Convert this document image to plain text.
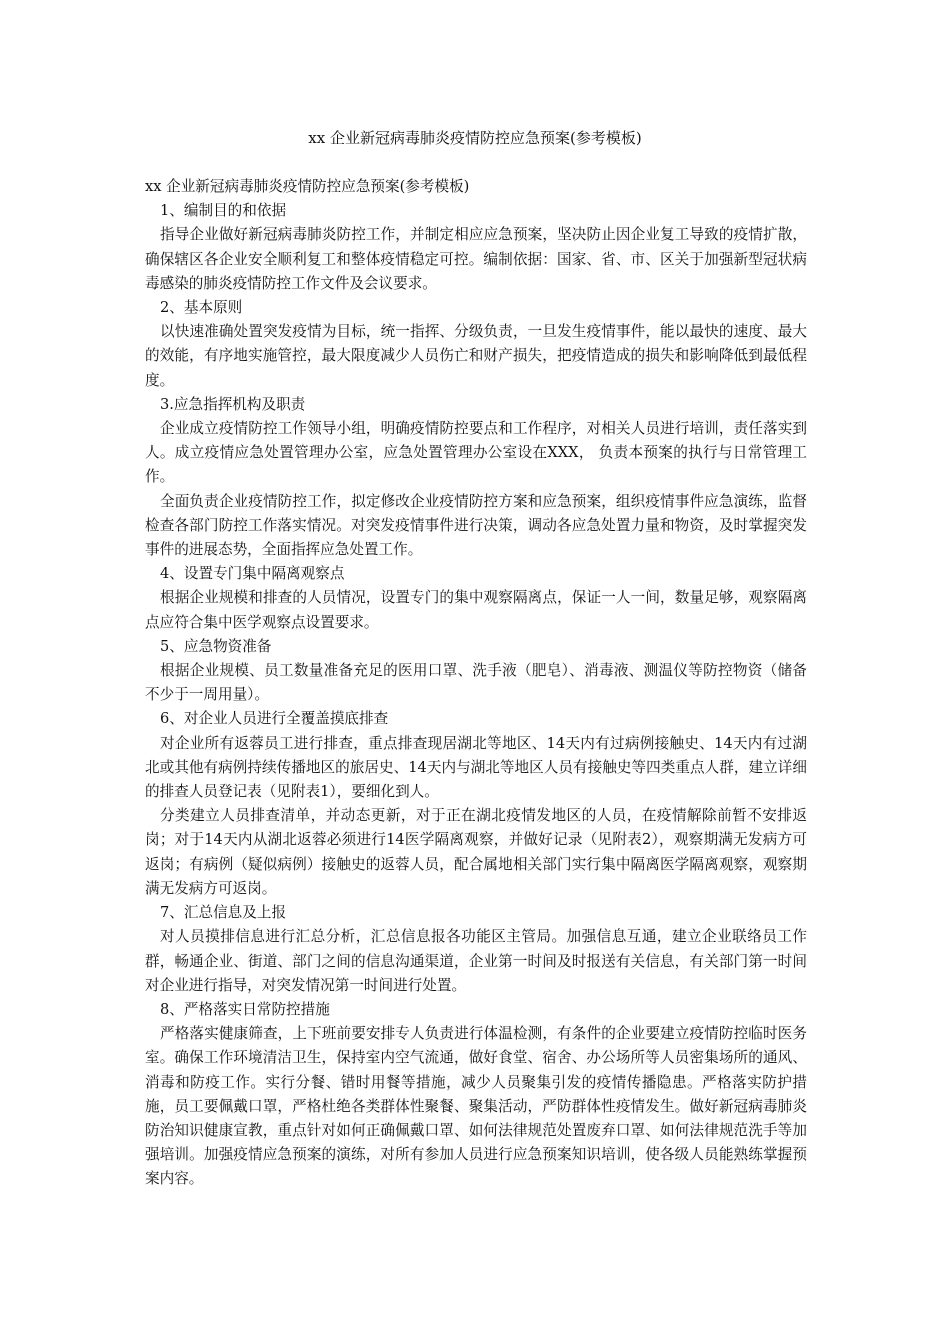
xx 企业新冠病毒肺炎疫情防控应急预案(参考模板)

xx 企业新冠病毒肺炎疫情防控应急预案(参考模板)

1、编制目的和依据

指导企业做好新冠病毒肺炎防控工作，并制定相应应急预案，坚决防止因企业复工导致的疫情扩散，确保辖区各企业安全顺利复工和整体疫情稳定可控。编制依据：国家、省、市、区关于加强新型冠状病毒感染的肺炎疫情防控工作文件及会议要求。

2、基本原则

以快速准确处置突发疫情为目标，统一指挥、分级负责，一旦发生疫情事件，能以最快的速度、最大的效能，有序地实施管控，最大限度减少人员伤亡和财产损失，把疫情造成的损失和影响降低到最低程度。

3.应急指挥机构及职责

企业成立疫情防控工作领导小组，明确疫情防控要点和工作程序，对相关人员进行培训，责任落实到人。成立疫情应急处置管理办公室，应急处置管理办公室设在XXX， 负责本预案的执行与日常管理工作。

全面负责企业疫情防控工作，拟定修改企业疫情防控方案和应急预案，组织疫情事件应急演练，监督检查各部门防控工作落实情况。对突发疫情事件进行决策，调动各应急处置力量和物资，及时掌握突发事件的进展态势，全面指挥应急处置工作。

4、设置专门集中隔离观察点

根据企业规模和排查的人员情况，设置专门的集中观察隔离点，保证一人一间，数量足够，观察隔离点应符合集中医学观察点设置要求。

5、应急物资准备

根据企业规模、员工数量准备充足的医用口罩、洗手液（肥皂）、消毒液、测温仪等防控物资（储备不少于一周用量）。

6、对企业人员进行全覆盖摸底排查

对企业所有返蓉员工进行排查，重点排查现居湖北等地区、14天内有过病例接触史、14天内有过湖北或其他有病例持续传播地区的旅居史、14天内与湖北等地区人员有接触史等四类重点人群，建立详细的排查人员登记表（见附表1），要细化到人。

分类建立人员排查清单，并动态更新，对于正在湖北疫情发地区的人员，在疫情解除前暂不安排返岗；对于14天内从湖北返蓉必须进行14医学隔离观察，并做好记录（见附表2），观察期满无发病方可返岗；有病例（疑似病例）接触史的返蓉人员，配合属地相关部门实行集中隔离医学隔离观察，观察期满无发病方可返岗。

7、汇总信息及上报

对人员摸排信息进行汇总分析，汇总信息报各功能区主管局。加强信息互通，建立企业联络员工作群，畅通企业、街道、部门之间的信息沟通渠道，企业第一时间及时报送有关信息，有关部门第一时间对企业进行指导，对突发情况第一时间进行处置。

8、严格落实日常防控措施

严格落实健康筛查，上下班前要安排专人负责进行体温检测，有条件的企业要建立疫情防控临时医务室。确保工作环境清洁卫生，保持室内空气流通，做好食堂、宿舍、办公场所等人员密集场所的通风、消毒和防疫工作。实行分餐、错时用餐等措施，减少人员聚集引发的疫情传播隐患。严格落实防护措施，员工要佩戴口罩，严格杜绝各类群体性聚餐、聚集活动，严防群体性疫情发生。做好新冠病毒肺炎防治知识健康宣教，重点针对如何正确佩戴口罩、如何法律规范处置废弃口罩、如何法律规范洗手等加强培训。加强疫情应急预案的演练，对所有参加人员进行应急预案知识培训，使各级人员能熟练掌握预案内容。
